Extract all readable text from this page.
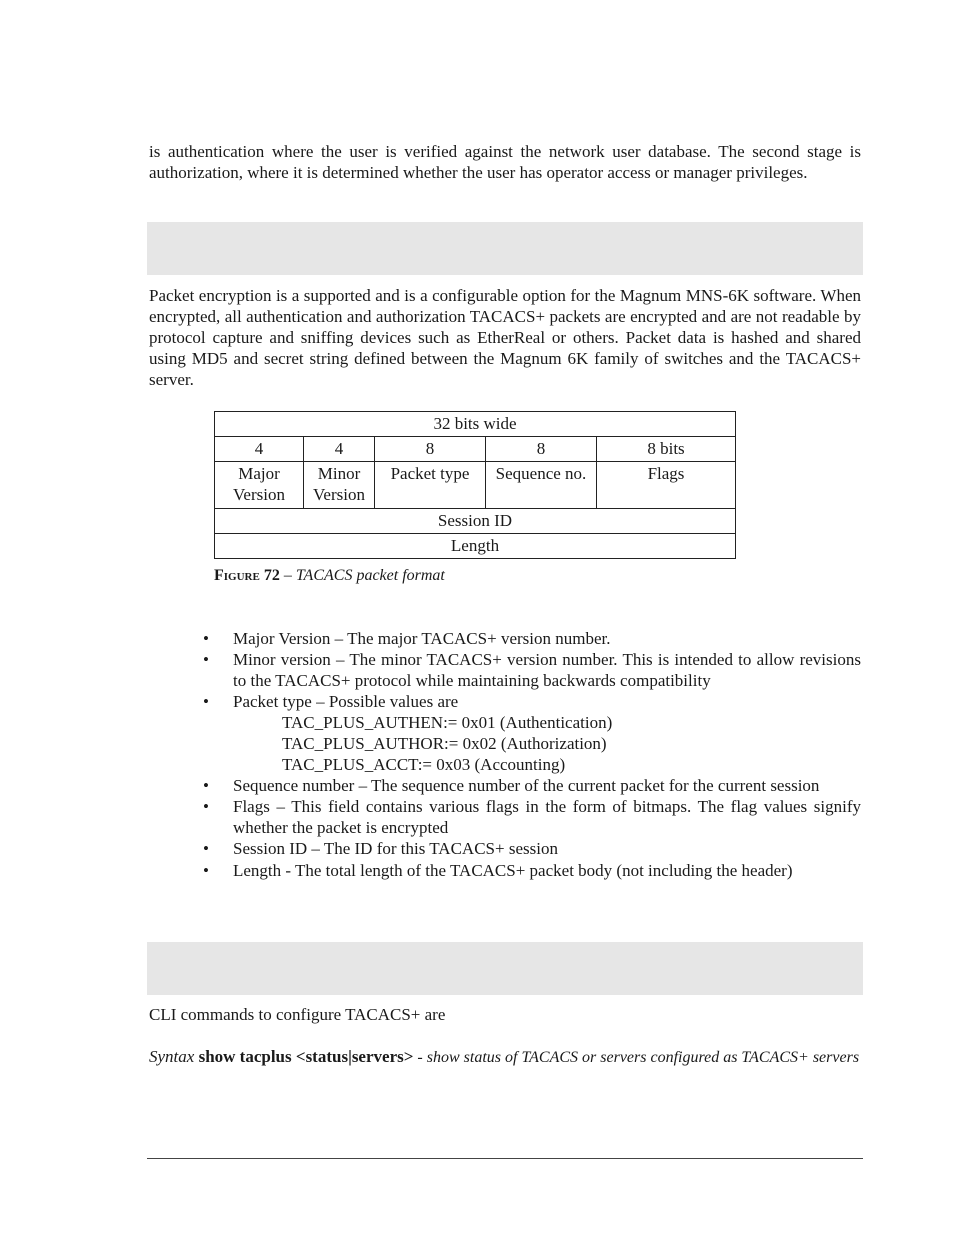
is authentication where the user is verified against the network user database. The second stage is authorization, where it is determined whether the user has operator access or manager privileges.

Packet encryption is a supported and is a configurable option for the Magnum MNS-6K software. When encrypted, all authentication and authorization TACACS+ packets are encrypted and are not readable by protocol capture and sniffing devices such as EtherReal or others. Packet data is hashed and shared using MD5 and secret string defined between the Magnum 6K family of switches and the TACACS+ server.

32 bits wide				
4	4	8	8	8 bits
Major Version	Minor Version	Packet type	Sequence no.	Flags
Session ID				
Length				
Figure 72 – TACACS packet format
• Major Version – The major TACACS+ version number.
• Minor version – The minor TACACS+ version number. This is intended to allow revisions to the TACACS+ protocol while maintaining backwards compatibility
• Packet type – Possible values are
TAC_PLUS_AUTHEN:= 0x01 (Authentication)
TAC_PLUS_AUTHOR:= 0x02 (Authorization)
TAC_PLUS_ACCT:= 0x03 (Accounting)
• Sequence number – The sequence number of the current packet for the current session
• Flags – This field contains various flags in the form of bitmaps. The flag values signify whether the packet is encrypted
• Session ID – The ID for this TACACS+ session
• Length - The total length of the TACACS+ packet body (not including the header)
CLI commands to configure TACACS+ are
Syntax show tacplus <status|servers> - show status of TACACS or servers configured as TACACS+ servers
